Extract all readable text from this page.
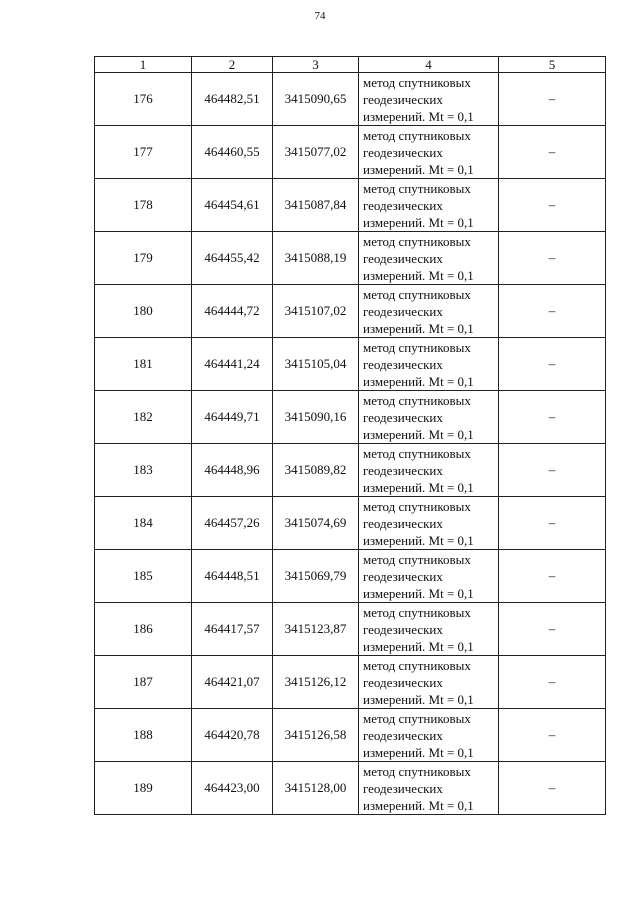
74
1	2	3	4	5
176	464482,51	3415090,65	метод спутниковых
геодезических
измерений. Mt = 0,1	–
177	464460,55	3415077,02	метод спутниковых
геодезических
измерений. Mt = 0,1	–
178	464454,61	3415087,84	метод спутниковых
геодезических
измерений. Mt = 0,1	–
179	464455,42	3415088,19	метод спутниковых
геодезических
измерений. Mt = 0,1	–
180	464444,72	3415107,02	метод спутниковых
геодезических
измерений. Mt = 0,1	–
181	464441,24	3415105,04	метод спутниковых
геодезических
измерений. Mt = 0,1	–
182	464449,71	3415090,16	метод спутниковых
геодезических
измерений. Mt = 0,1	–
183	464448,96	3415089,82	метод спутниковых
геодезических
измерений. Mt = 0,1	–
184	464457,26	3415074,69	метод спутниковых
геодезических
измерений. Mt = 0,1	–
185	464448,51	3415069,79	метод спутниковых
геодезических
измерений. Mt = 0,1	–
186	464417,57	3415123,87	метод спутниковых
геодезических
измерений. Mt = 0,1	–
187	464421,07	3415126,12	метод спутниковых
геодезических
измерений. Mt = 0,1	–
188	464420,78	3415126,58	метод спутниковых
геодезических
измерений. Mt = 0,1	–
189	464423,00	3415128,00	метод спутниковых
геодезических
измерений. Mt = 0,1	–
